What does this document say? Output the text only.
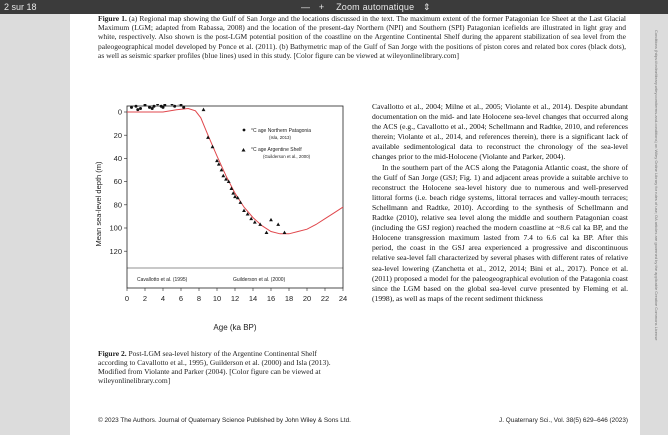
2 sur 18	— + Zoom automatique ⇕
Figure 1. (a) Regional map showing the Gulf of San Jorge and the locations discussed in the text. The maximum extent of the former Patagonian Ice Sheet at the Last Glacial Maximum (LGM; adapted from Rabassa, 2008) and the location of the present-day Northern (NPI) and Southern (SPI) Patagonian icefields are illustrated in light gray and white, respectively. Also shown is the post-LGM potential position of the coastline on the Argentine Continental Shelf during the apparent stabilization of sea level from the paleogeographical model developed by Ponce et al. (2011). (b) Bathymetric map of the Gulf of San Jorge with the positions of piston cores and related box cores (black dots), as well as seismic sparker profiles (blue lines) used in this study. [Color figure can be viewed at wileyonlinelibrary.com]
Mean sea-level depth (m)
Age (ka BP)
0
20
40
60
80
100
120
0 2 4 6 8 10 12 14 16 18 20 22 24
°C age Northern Patagonia
(Isla, 2013)
°C age Argentine Shelf
(Guilderson et al., 2000)
Cavallotto et al. (1995)	Guilderson et al. (2000)
Figure 2. Post-LGM sea-level history of the Argentine Continental Shelf according to Cavallotto et al., 1995), Guilderson et al. (2000) and Isla (2013). Modified from Violante and Parker (2004). [Color figure can be viewed at wileyonlinelibrary.com]

Cavallotto et al., 2004; Milne et al., 2005; Violante et al., 2014). Despite abundant documentation on the mid- and late Holocene sea-level changes that occurred along the ACS (e.g., Cavallotto et al., 2004; Schellmann and Radtke, 2010, and references therein; Violante et al., 2014, and references therein), there is a significant lack of available sedimentological data to reconstruct the chronology of the sea-level changes prior to the mid-Holocene (Violante and Parker, 2004).

In the southern part of the ACS along the Patagonia Atlantic coast, the shore of the Gulf of San Jorge (GSJ; Fig. 1) and adjacent areas provide a suitable archive to reconstruct the Holocene sea-level history due to numerous and well-preserved littoral forms (i.e. beach ridge systems, littoral terraces and valley-mouth terraces; Schellmann and Radtke, 2010). According to the synthesis of Schellmann and Radtke (2010), relative sea level along the middle and southern Patagonian coast (including the GSJ region) reached the modern coastline at ~8.6 cal ka BP, and the Holocene transgression maximum lasted from 7.4 to 6.6 cal ka BP. After this period, the coast in the GSJ area experienced a progressive and discontinuous relative sea-level fall characterized by several phases with different rates of relative sea-level lowering (Zanchetta et al., 2012, 2014; Bini et al., 2017). Ponce et al. (2011) proposed a model for the paleogeographical evolution of the Patagonia coast since the LGM based on the global sea-level curve presented by Fleming et al. (1998), as well as maps of the recent sediment thickness

© 2023 The Authors. Journal of Quaternary Science Published by John Wiley & Sons Ltd.	J. Quaternary Sci., Vol. 38(5) 629–646 (2023)
Conditions (https://onlinelibrary.wiley.com/terms-and-conditions) on Wiley Online Library for rules of use; OA articles are governed by the applicable Creative Commons License
